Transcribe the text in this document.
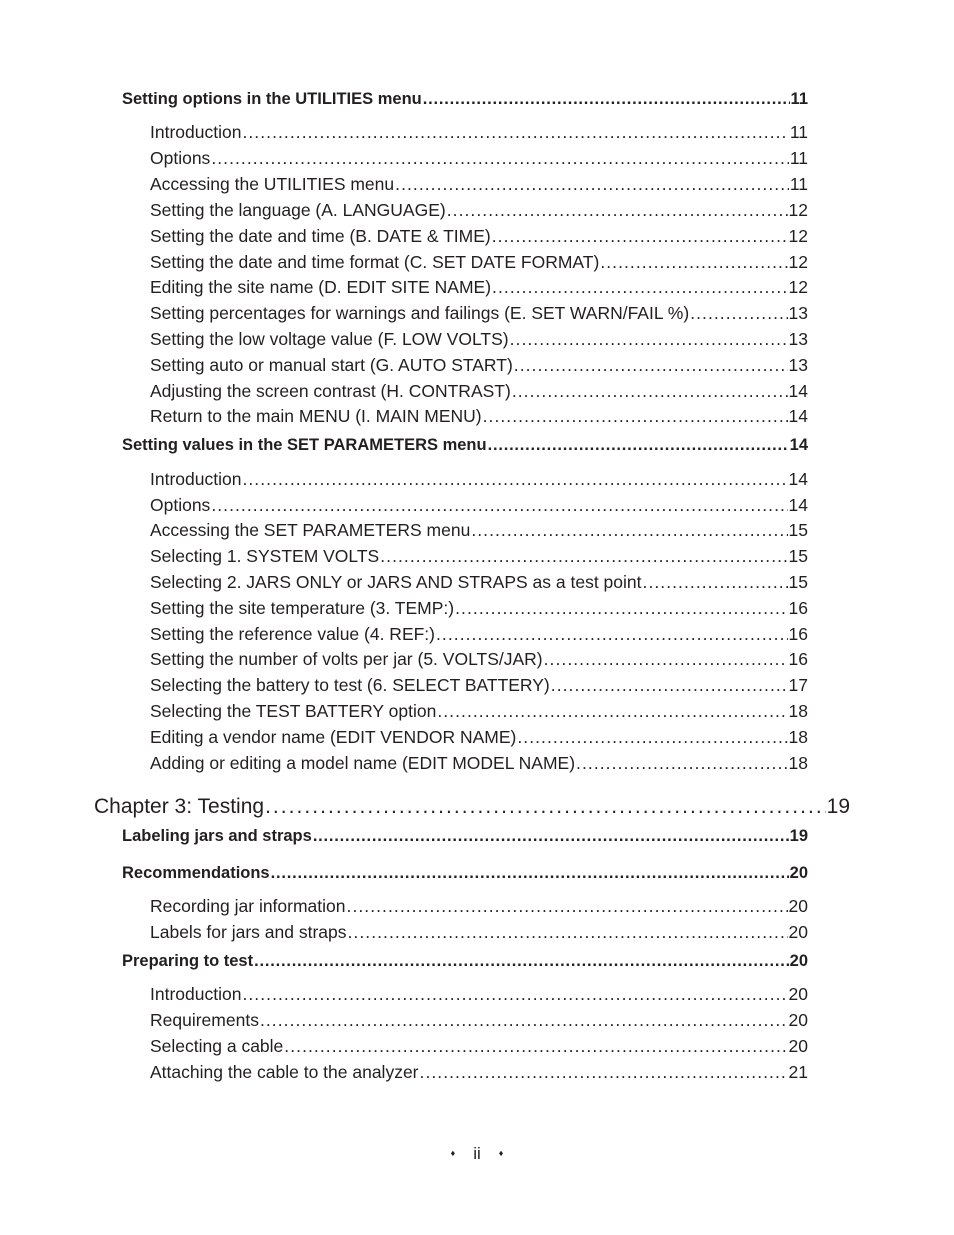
Setting options in the UTILITIES menu . . .	11
Introduction . . .	11
Options . . .	11
Accessing the UTILITIES menu . . .	11
Setting the language (A. LANGUAGE) . . .	12
Setting the date and time (B. DATE & TIME) . . .	12
Setting the date and time format (C. SET DATE FORMAT) . . .	12
Editing the site name (D. EDIT SITE NAME) . . .	12
Setting percentages for warnings and failings (E. SET WARN/FAIL %) . . .	13
Setting the low voltage value (F. LOW VOLTS) . . .	13
Setting auto or manual start (G. AUTO START) . . .	13
Adjusting the screen contrast (H. CONTRAST) . . .	14
Return to the main MENU (I. MAIN MENU) . . .	14
Setting values in the SET PARAMETERS menu . . .	14
Introduction . . .	14
Options . . .	14
Accessing the SET PARAMETERS menu . . .	15
Selecting 1. SYSTEM VOLTS . . .	15
Selecting 2. JARS ONLY or JARS AND STRAPS as a test point . . .	15
Setting the site temperature (3. TEMP:) . . .	16
Setting the reference value (4. REF:) . . .	16
Setting the number of volts per jar (5. VOLTS/JAR) . . .	16
Selecting the battery to test (6. SELECT BATTERY) . . .	17
Selecting the TEST BATTERY option . . .	18
Editing a vendor name (EDIT VENDOR NAME) . . .	18
Adding or editing a model name (EDIT MODEL NAME) . . .	18
Chapter 3: Testing . . .	19
Labeling jars and straps . . .	19
Recommendations . . .	20
Recording jar information . . .	20
Labels for jars and straps . . .	20
Preparing to test . . .	20
Introduction . . .	20
Requirements . . .	20
Selecting a cable . . .	20
Attaching the cable to the analyzer . . .	21
♦ ii ♦
